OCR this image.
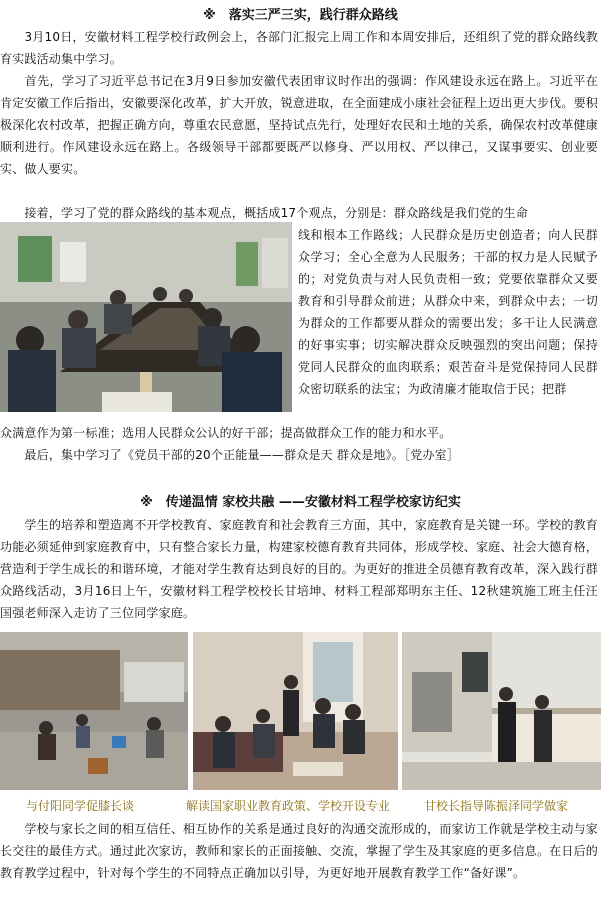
※　落实三严三实，践行群众路线
　　3月10日，安徽材料工程学校行政例会上，各部门汇报完上周工作和本周安排后，还组织了党的群众路线教育实践活动集中学习。
　　首先，学习了习近平总书记在3月9日参加安徽代表团审议时作出的强调：作风建设永远在路上。习近平在肯定安徽工作后指出，安徽要深化改革，扩大开放，锐意进取，在全面建成小康社会征程上迈出更大步伐。要积极深化农村改革，把握正确方向，尊重农民意愿，坚持试点先行，处理好农民和土地的关系，确保农村改革健康顺利进行。作风建设永远在路上。各级领导干部都要既严以修身、严以用权、严以律己，又谋事要实、创业要实、做人要实。
　　接着，学习了党的群众路线的基本观点，概括成17个观点，分别是：群众路线是我们党的生命
线和根本工作路线；人民群众是历史创造者；向人民群众学习；全心全意为人民服务；干部的权力是人民赋予的；对党负责与对人民负责相一致；党要依靠群众又要教育和引导群众前进；从群众中来，到群众中去；一切为群众的工作都要从群众的需要出发；多干让人民满意的好事实事；切实解决群众反映强烈的突出问题；保持党同人民群众的血肉联系；艰苦奋斗是党保持同人民群众密切联系的法宝；为政清廉才能取信于民；把群
众满意作为第一标准；选用人民群众公认的好干部；提高做群众工作的能力和水平。
　　最后，集中学习了《党员干部的20个正能量——群众是天 群众是地》。［党办室］
※　传递温情 家校共融 ——安徽材料工程学校家访纪实
　　学生的培养和塑造离不开学校教育、家庭教育和社会教育三方面，其中，家庭教育是关键一环。学校的教育功能必须延伸到家庭教育中，只有整合家长力量，构建家校德育教育共同体，形成学校、家庭、社会大德育格，营造利于学生成长的和谐环境，才能对学生教育达到良好的目的。为更好的推进全员德育教育改革，深入践行群众路线活动，3月16日上午，安徽材料工程学校校长甘培坤、材料工程部郑明东主任、12秋建筑施工班主任汪国强老师深入走访了三位同学家庭。
与付阳同学促膝长谈	解读国家职业教育政策、学校开设专业	甘校长指导陈振泽同学做家
　　学校与家长之间的相互信任、相互协作的关系是通过良好的沟通交流形成的，而家访工作就是学校主动与家长交往的最佳方式。通过此次家访，教师和家长的正面接触、交流，掌握了学生及其家庭的更多信息。在日后的教育教学过程中，针对每个学生的不同特点正确加以引导，为更好地开展教育教学工作“备好课”。
